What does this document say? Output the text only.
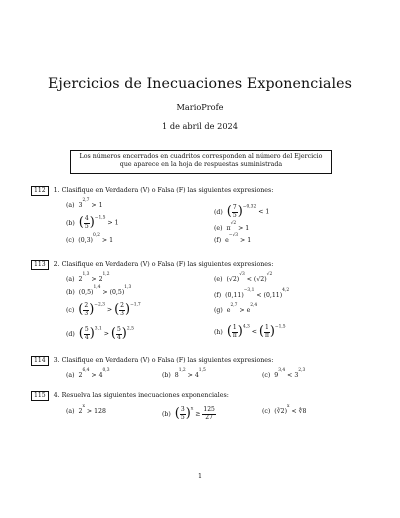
Ejercicios de Inecuaciones Exponenciales
MarioProfe
1 de abril de 2024
Los números encerrados en cuadritos corresponden al número del Ejercicio
que aparece en la hoja de respuestas suministrada
112 1. Clasifique en Verdadera (V) o Falsa (F) las siguientes expresiones:
(a) $3^{2,7} > 1$
(b) ( $\frac{4}{5} )^{-1,5} > 1$
(c) $(0,3)^{0,2} > 1$
(d) ( $\frac{7}{5} )^{-0,32} < 1$
(e) $\pi^{√2} > 1$
(f) $e^{-√3} > 1$
113 2. Clasifique en Verdadera (V) o Falsa (F) las siguientes expresiones:
(a) $2^{1,3} > 2^{1,2}$
(b) $(0,5)^{1,4} > (0,5)^{1,3}$
(c) ( $\frac{2}{3} )^{-2,3}$ > ( $\frac{2}{3} )^{-1,7}$
(d) ( $\frac{5}{4} )^{3,1}$ > ( $\frac{5}{4} )^{2,5}$
(e) $(√2)^{√3} < (√2)^{√2}$
(f) $(0,11)^{-3,1} < (0,11)^{4,2}$
(g) $e^{2,7} > e^{2,4}$
(h) ( $\frac{1}{\pi} )^{4,3}$ < ( $\frac{1}{\pi} )^{-1,5}$
114 3. Clasifique en Verdadera (V) o Falsa (F) las siguientes expresiones:
(a) $2^{6,4} > 4^{0,3}$
(b) $8^{1,2} > 4^{1,5}$
(c) $9^{3,4} < 3^{2,3}$
115 4. Resuelva las siguientes inecuaciones exponenciales:
(a) $2^x > 128$	(b) ( $\frac{3}{5} )^x \ge \frac{125}{27}$	(c) (∛2)$^x$ < ∜8
1
